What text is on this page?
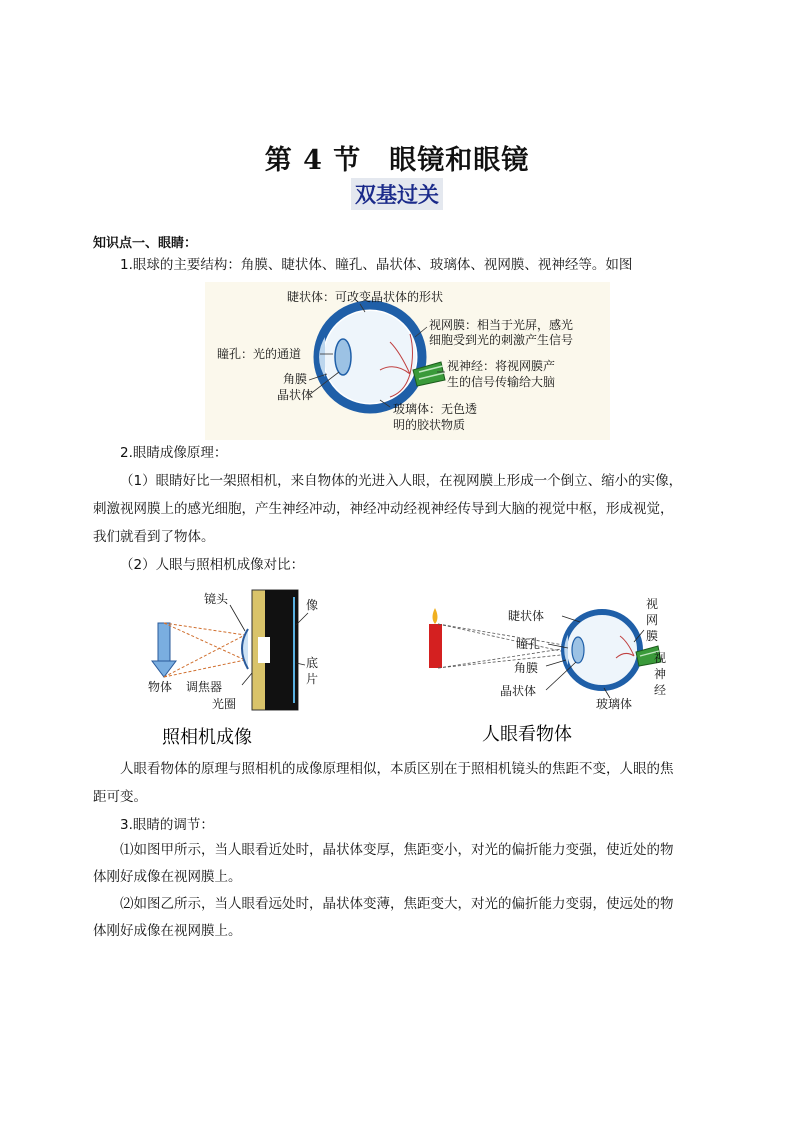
第 4 节　眼镜和眼镜
双基过关
知识点一、眼睛：
1.眼球的主要结构：角膜、睫状体、瞳孔、晶状体、玻璃体、视网膜、视神经等。如图
睫状体：可改变晶状体的形状
视网膜：相当于光屏，感光
细胞受到光的刺激产生信号
瞳孔：光的通道
视神经：将视网膜产
生的信号传输给大脑
角膜
晶状体
玻璃体：无色透
明的胶状物质
2.眼睛成像原理：
（1）眼睛好比一架照相机，来自物体的光进入人眼，在视网膜上形成一个倒立、缩小的实像，
刺激视网膜上的感光细胞，产生神经冲动，神经冲动经视神经传导到大脑的视觉中枢，形成视觉，
我们就看到了物体。
（2）人眼与照相机成像对比：
镜头	像
底
片
物体 调焦器
光圈
照相机成像
睫状体
视
网
膜
瞳孔
角膜
晶状体
视
神
经
玻璃体
人眼看物体
人眼看物体的原理与照相机的成像原理相似，本质区别在于照相机镜头的焦距不变，人眼的焦
距可变。
3.眼睛的调节：
⑴如图甲所示，当人眼看近处时，晶状体变厚，焦距变小，对光的偏折能力变强，使近处的物
体刚好成像在视网膜上。
⑵如图乙所示，当人眼看远处时，晶状体变薄，焦距变大，对光的偏折能力变弱，使远处的物
体刚好成像在视网膜上。
